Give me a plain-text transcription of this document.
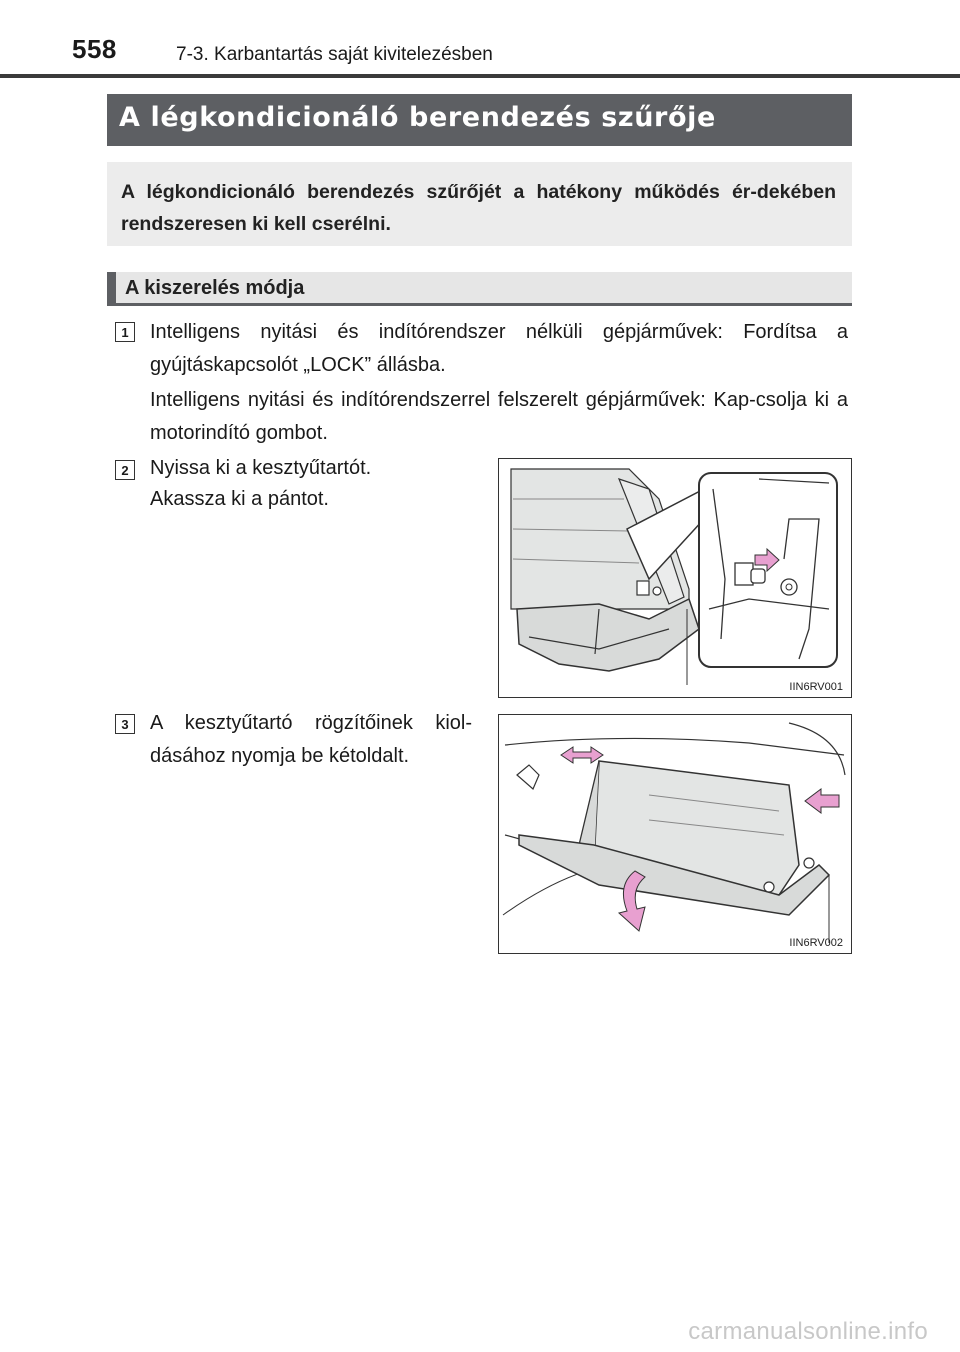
558	7-3. Karbantartás saját kivitelezésben
A légkondicionáló berendezés szűrője
A légkondicionáló berendezés szűrőjét a hatékony működés ér-dekében rendszeresen ki kell cserélni.
A kiszerelés módja
1	Intelligens nyitási és indítórendszer nélküli gépjárművek: Fordítsa a gyújtáskapcsolót „LOCK” állásba.
Intelligens nyitási és indítórendszerrel felszerelt gépjárművek: Kap-csolja ki a motorindító gombot.
2	Nyissa ki a kesztyűtartót.
Akassza ki a pántot.
IIN6RV001
3	A kesztyűtartó rögzítőinek kiol-dásához nyomja be kétoldalt.
IIN6RV002
carmanualsonline.info
